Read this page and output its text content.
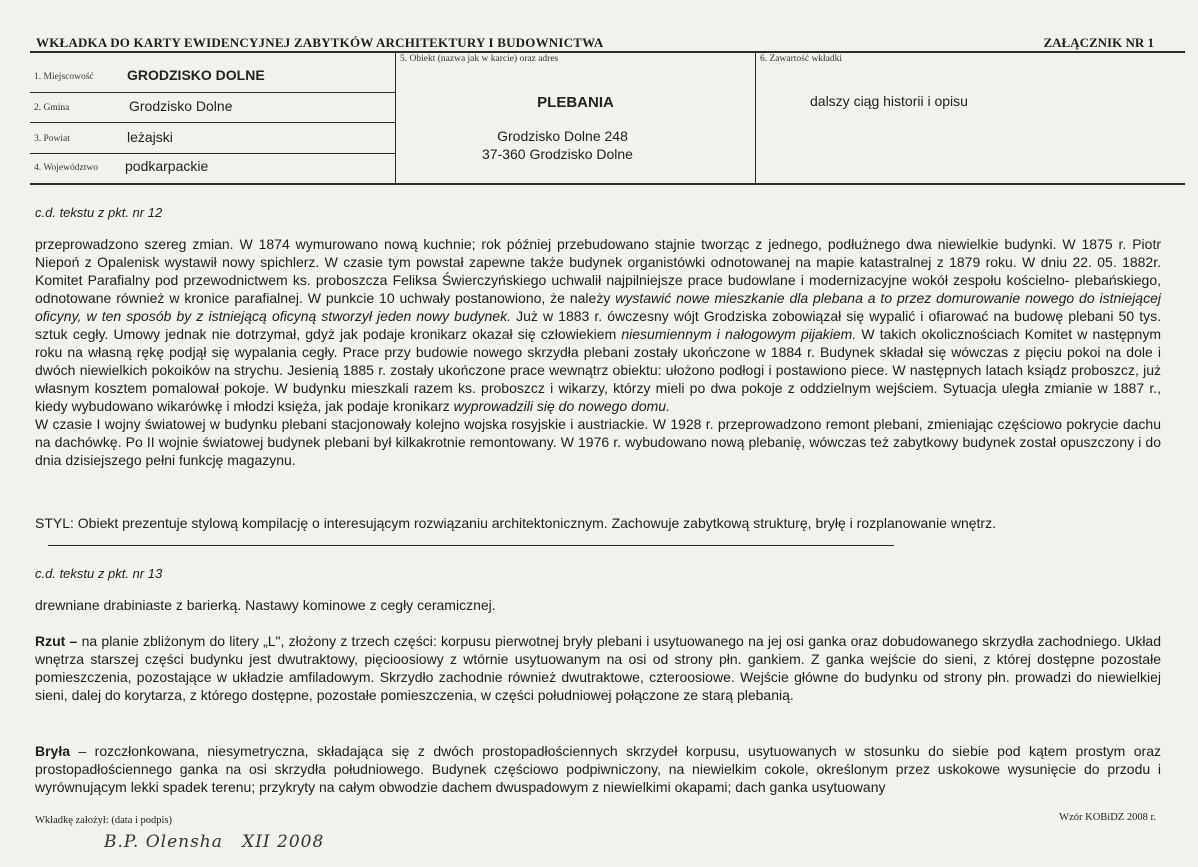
WKŁADKA DO KARTY EWIDENCYJNEJ ZABYTKÓW ARCHITEKTURY I BUDOWNICTWA	ZAŁĄCZNIK NR 1
1. Miejscowość GRODZISKO DOLNE
2. Gmina	Grodzisko Dolne
3. Powiat	leżajski
4. Województwo podkarpackie
5. Obiekt (nazwa jak w karcie) oraz adres
PLEBANIA
Grodzisko Dolne 248
37-360 Grodzisko Dolne
6. Zawartość wkładki
dalszy ciąg historii i opisu
c.d. tekstu z pkt. nr 12

przeprowadzono szereg zmian. W 1874 wymurowano nową kuchnie; rok później przebudowano stajnie tworząc z jednego, podłużnego dwa niewielkie budynki. W 1875 r. Piotr Niepoń z Opalenisk wystawił nowy spichlerz. W czasie tym powstał zapewne także budynek organistówki odnotowanej na mapie katastralnej z 1879 roku. W dniu 22. 05. 1882r. Komitet Parafialny pod przewodnictwem ks. proboszcza Feliksa Świerczyńskiego uchwalił najpilniejsze prace budowlane i modernizacyjne wokół zespołu kościelno- plebańskiego, odnotowane również w kronice parafialnej. W punkcie 10 uchwały postanowiono, że należy wystawić nowe mieszkanie dla plebana a to przez domurowanie nowego do istniejącej oficyny, w ten sposób by z istniejącą oficyną stworzył jeden nowy budynek. Już w 1883 r. ówczesny wójt Grodziska zobowiązał się wypalić i ofiarować na budowę plebani 50 tys. sztuk cegły. Umowy jednak nie dotrzymał, gdyż jak podaje kronikarz okazał się człowiekiem niesumiennym i nałogowym pijakiem. W takich okolicznościach Komitet w następnym roku na własną rękę podjął się wypalania cegły. Prace przy budowie nowego skrzydła plebani zostały ukończone w 1884 r. Budynek składał się wówczas z pięciu pokoi na dole i dwóch niewielkich pokoików na strychu. Jesienią 1885 r. zostały ukończone prace wewnątrz obiektu: ułożono podłogi i postawiono piece. W następnych latach ksiądz proboszcz, już własnym kosztem pomalował pokoje. W budynku mieszkali razem ks. proboszcz i wikarzy, którzy mieli po dwa pokoje z oddzielnym wejściem. Sytuacja uległa zmianie w 1887 r., kiedy wybudowano wikarówkę i młodzi księża, jak podaje kronikarz wyprowadzili się do nowego domu.

W czasie I wojny światowej w budynku plebani stacjonowały kolejno wojska rosyjskie i austriackie. W 1928 r. przeprowadzono remont plebani, zmieniając częściowo pokrycie dachu na dachówkę. Po II wojnie światowej budynek plebani był kilkakrotnie remontowany. W 1976 r. wybudowano nową plebanię, wówczas też zabytkowy budynek został opuszczony i do dnia dzisiejszego pełni funkcję magazynu.

STYL: Obiekt prezentuje stylową kompilację o interesującym rozwiązaniu architektonicznym. Zachowuje zabytkową strukturę, bryłę i rozplanowanie wnętrz.
c.d. tekstu z pkt. nr 13
drewniane drabiniaste z barierką. Nastawy kominowe z cegły ceramicznej.

Rzut – na planie zbliżonym do litery „L", złożony z trzech części: korpusu pierwotnej bryły plebani i usytuowanego na jej osi ganka oraz dobudowanego skrzydła zachodniego. Układ wnętrza starszej części budynku jest dwutraktowy, pięcioosiowy z wtórnie usytuowanym na osi od strony płn. gankiem. Z ganka wejście do sieni, z której dostępne pozostałe pomieszczenia, pozostające w układzie amfiladowym. Skrzydło zachodnie również dwutraktowe, czteroosiowe. Wejście główne do budynku od strony płn. prowadzi do niewielkiej sieni, dalej do korytarza, z którego dostępne, pozostałe pomieszczenia, w części południowej połączone ze starą plebanią.

Bryła – rozczłonkowana, niesymetryczna, składająca się z dwóch prostopadłościennych skrzydeł korpusu, usytuowanych w stosunku do siebie pod kątem prostym oraz prostopadłościennego ganka na osi skrzydła południowego. Budynek częściowo podpiwniczony, na niewielkim cokole, określonym przez uskokowe wysunięcie do przodu i wyrównującym lekki spadek terenu; przykryty na całym obwodzie dachem dwuspadowym z niewielkimi okapami; dach ganka usytuowany

Wkładkę założył: (data i podpis)
B.P. Olensha   XII 2008
Wzór KOBiDZ 2008 r.
